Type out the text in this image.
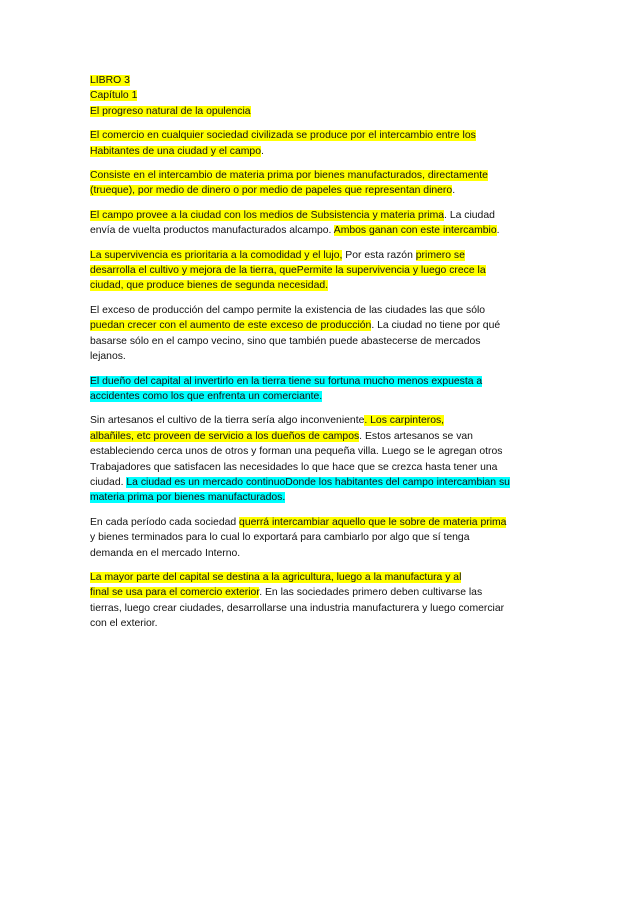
LIBRO 3
Capítulo 1
El progreso natural de la opulencia
El comercio en cualquier sociedad civilizada se produce por el intercambio entre los
Habitantes de una ciudad y el campo.
Consiste en el intercambio de materia prima por bienes manufacturados, directamente
(trueque), por medio de dinero o por medio de papeles que representan dinero.
El campo provee a la ciudad con los medios de Subsistencia y materia prima. La ciudad
envía de vuelta productos manufacturados alcampo. Ambos ganan con este intercambio.
La supervivencia es prioritaria a la comodidad y el lujo, Por esta razón primero se
desarrolla el cultivo y mejora de la tierra, quePermite la supervivencia y luego crece la
ciudad, que produce bienes de segunda necesidad.
El exceso de producción del campo permite la existencia de las ciudades las que sólo
puedan crecer con el aumento de este exceso de producción. La ciudad no tiene por qué
basarse sólo en el campo vecino, sino que también puede abastecerse de mercados
lejanos.
El dueño del capital al invertirlo en la tierra tiene su fortuna mucho menos expuesta a
accidentes como los que enfrenta un comerciante.
Sin artesanos el cultivo de la tierra sería algo inconveniente. Los carpinteros,
albañiles, etc proveen de servicio a los dueños de campos. Estos artesanos se van
estableciendo cerca unos de otros y forman una pequeña villa. Luego se le agregan otros
Trabajadores que satisfacen las necesidades lo que hace que se crezca hasta tener una
ciudad. La ciudad es un mercado continuoDonde los habitantes del campo intercambian su
materia prima por bienes manufacturados.
En cada período cada sociedad querrá intercambiar aquello que le sobre de materia prima
y bienes terminados para lo cual lo exportará para cambiarlo por algo que sí tenga
demanda en el mercado Interno.
La mayor parte del capital se destina a la agricultura, luego a la manufactura y al
final se usa para el comercio exterior. En las sociedades primero deben cultivarse las
tierras, luego crear ciudades, desarrollarse una industria manufacturera y luego comerciar
con el exterior.
